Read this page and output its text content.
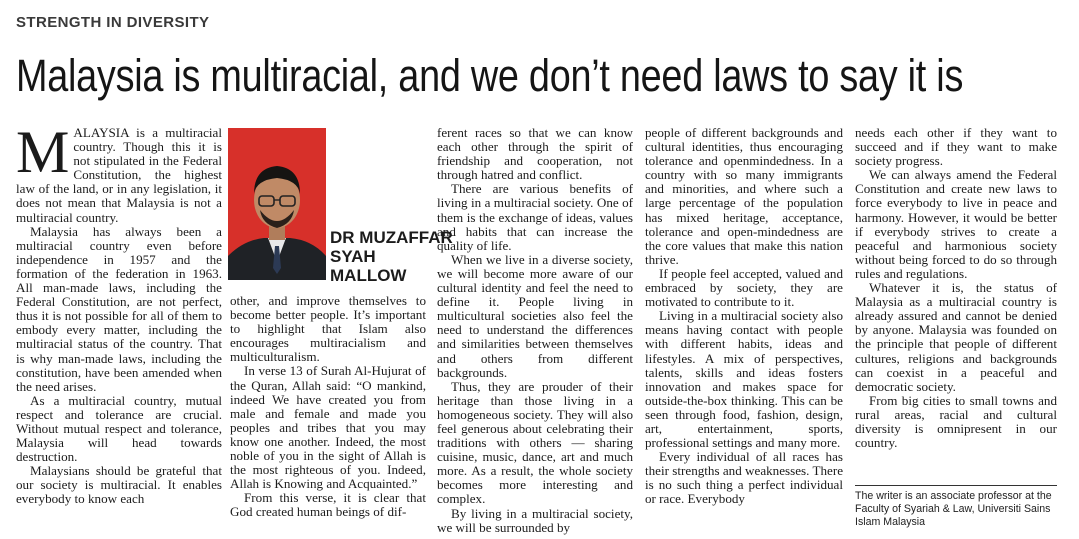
STRENGTH IN DIVERSITY
Malaysia is multiracial, and we don’t need laws to say it is

MALAYSIA is a multiracial country. Though this it is not stipulated in the Federal Constitution, the highest law of the land, or in any legislation, it does not mean that Malaysia is not a multiracial country.

Malaysia has always been a multiracial country even before independence in 1957 and the formation of the federation in 1963. All man-made laws, including the Federal Constitution, are not perfect, thus it is not possible for all of them to embody every matter, including the multiracial status of the country. That is why man-made laws, including the constitution, have been amended when the need arises.

As a multiracial country, mutual respect and tolerance are crucial. Without mutual respect and tolerance, Malaysia will head towards destruction.

Malaysians should be grateful that our society is multiracial. It enables everybody to know each

DR MUZAFFAR
SYAH
MALLOW

other, and improve themselves to become better people. It’s important to highlight that Islam also encourages multiracialism and multiculturalism.

In verse 13 of Surah Al-Hujurat of the Quran, Allah said: “O mankind, indeed We have created you from male and female and made you peoples and tribes that you may know one another. Indeed, the most noble of you in the sight of Allah is the most righteous of you. Indeed, Allah is Knowing and Acquainted.”

From this verse, it is clear that God created human beings of dif-

ferent races so that we can know each other through the spirit of friendship and cooperation, not through hatred and conflict.

There are various benefits of living in a multiracial society. One of them is the exchange of ideas, values and habits that can increase the quality of life.

When we live in a diverse society, we will become more aware of our cultural identity and feel the need to define it. People living in multicultural societies also feel the need to understand the differences and similarities between themselves and others from different backgrounds.

Thus, they are prouder of their heritage than those living in a homogeneous society. They will also feel generous about celebrating their traditions with others — sharing cuisine, music, dance, art and much more. As a result, the whole society becomes more interesting and complex.

By living in a multiracial society, we will be surrounded by

people of different backgrounds and cultural identities, thus encouraging tolerance and openmindedness. In a country with so many immigrants and minorities, and where such a large percentage of the population has mixed heritage, acceptance, tolerance and open-mindedness are the core values that make this nation thrive.

If people feel accepted, valued and embraced by society, they are motivated to contribute to it.

Living in a multiracial society also means having contact with people with different habits, ideas and lifestyles. A mix of perspectives, talents, skills and ideas fosters innovation and makes space for outside-the-box thinking. This can be seen through food, fashion, design, art, entertainment, sports, professional settings and many more.

Every individual of all races has their strengths and weaknesses. There is no such thing a perfect individual or race. Everybody

needs each other if they want to succeed and if they want to make society progress.

We can always amend the Federal Constitution and create new laws to force everybody to live in peace and harmony. However, it would be better if everybody strives to create a peaceful and harmonious society without being forced to do so through rules and regulations.

Whatever it is, the status of Malaysia as a multiracial country is already assured and cannot be denied by anyone. Malaysia was founded on the principle that people of different cultures, religions and backgrounds can coexist in a peaceful and democratic society.

From big cities to small towns and rural areas, racial and cultural diversity is omnipresent in our country.

The writer is an associate professor at the Faculty of Syariah & Law, Universiti Sains Islam Malaysia
